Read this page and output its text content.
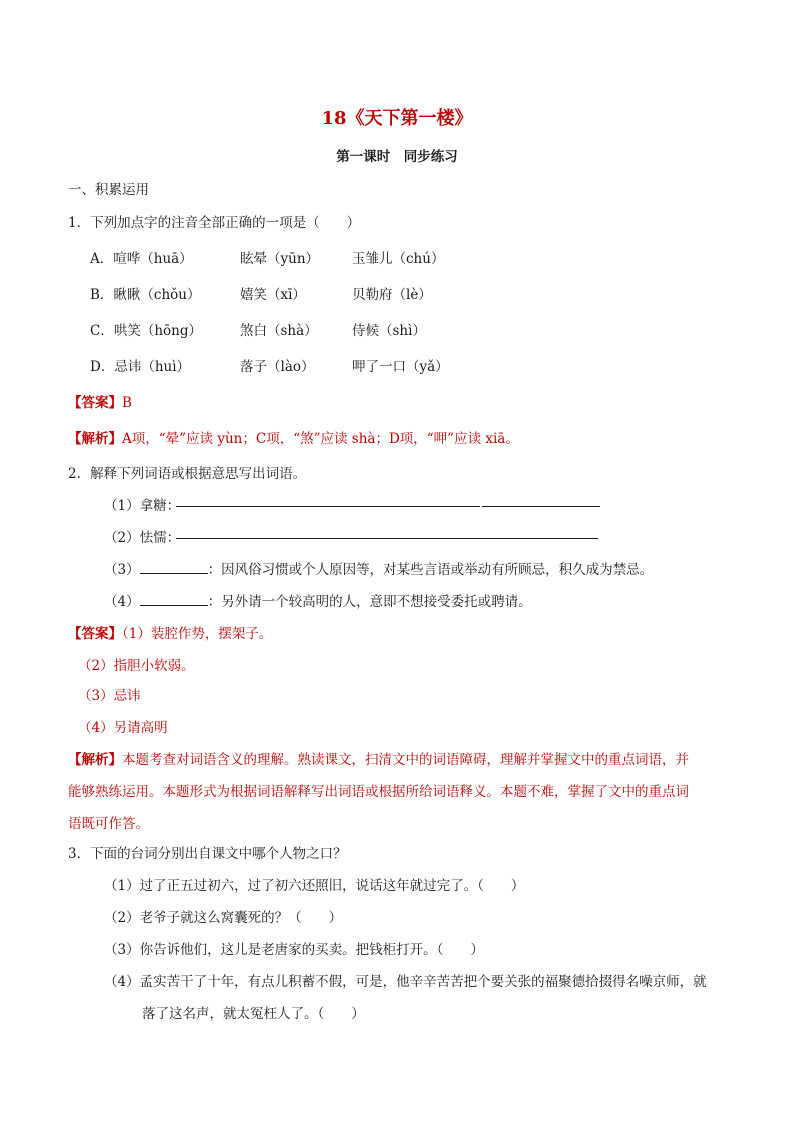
18《天下第一楼》
第一课时　同步练习
一、积累运用
1．下列加点字的注音全部正确的一项是（　　）
A．喧哗（huā）	眩晕（yūn） 玉雏儿（chú）
B．瞅瞅（chǒu）	嬉笑（xī）	贝勒府（lè）
C．哄笑（hōng）	煞白（shà）	侍候（shì）
D．忌讳（huì）	落子（lào）	呷了一口（yǎ）
【答案】B
【解析】A项，“晕”应读 yùn；C项，“煞”应读 shà；D项，“呷”应读 xiā。
2．解释下列词语或根据意思写出词语。
（1）拿糖：
（2）怯懦：
（3）	：因风俗习惯或个人原因等，对某些言语或举动有所顾忌，积久成为禁忌。
（4）	：另外请一个较高明的人，意即不想接受委托或聘请。
【答案】（1）装腔作势，摆架子。
（2）指胆小软弱。
（3）忌讳
（4）另请高明
【解析】本题考查对词语含义的理解。熟读课文，扫清文中的词语障碍，理解并掌握文中的重点词语，并
能够熟练运用。本题形式为根据词语解释写出词语或根据所给词语释义。本题不难，掌握了文中的重点词
语既可作答。
3．下面的台词分别出自课文中哪个人物之口？
（1）过了正五过初六，过了初六还照旧，说话这年就过完了。（　　）
（2）老爷子就这么窝囊死的？（　　）
（3）你告诉他们，这儿是老唐家的买卖。把钱柜打开。（　　）
（4）孟实苦干了十年，有点儿积蓄不假，可是，他辛辛苦苦把个要关张的福聚德拾掇得名噪京师，就
落了这名声，就太冤枉人了。（　　）
